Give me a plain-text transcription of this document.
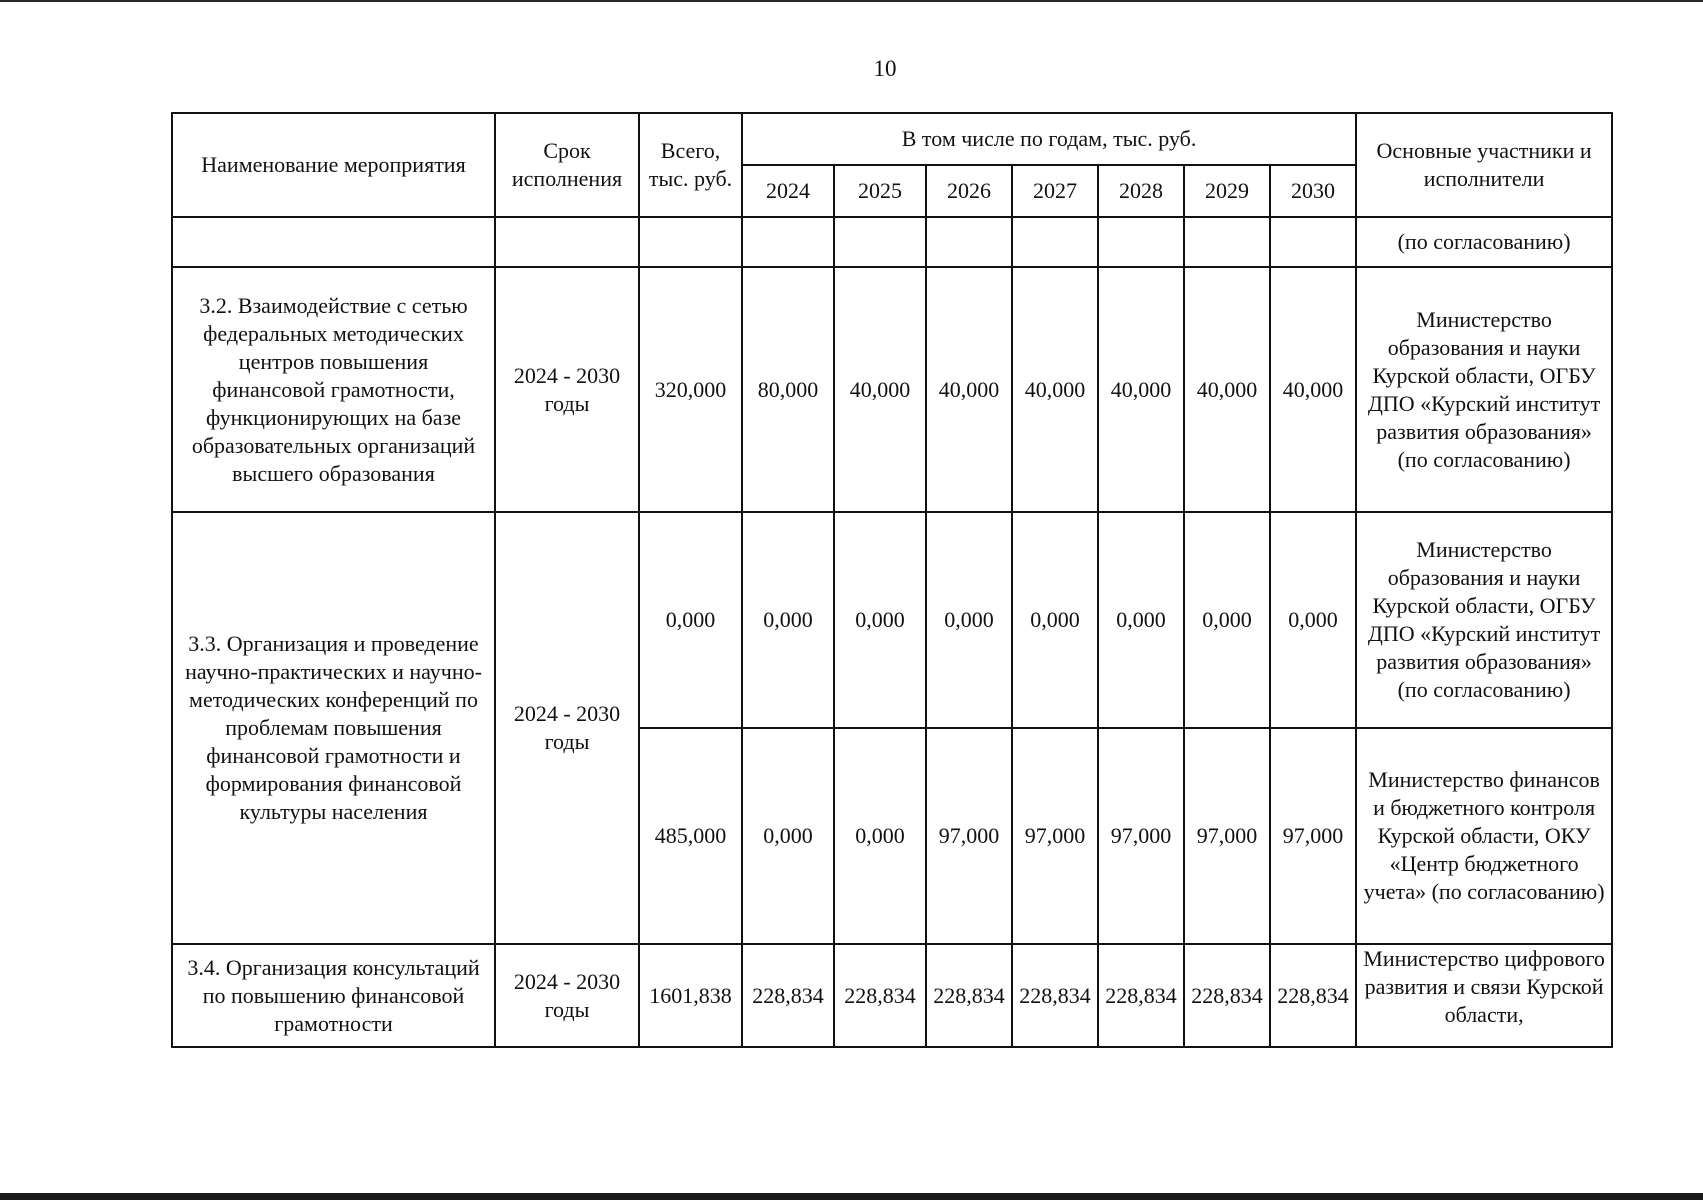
10
Наименование мероприятия	Срок исполнения	Всего, тыс. руб.	В том числе по годам, тыс. руб.							Основные участники и исполнители
			2024	2025	2026	2027	2028	2029	2030	
										(по согласованию)
3.2. Взаимодействие с сетью федеральных методических центров повышения финансовой грамотности, функционирующих на базе образовательных организаций высшего образования	2024 - 2030 годы	320,000	80,000	40,000	40,000	40,000	40,000	40,000	40,000	Министерство образования и науки Курской области, ОГБУ ДПО «Курский институт развития образования» (по согласованию)
3.3. Организация и проведение научно-практических и научно-методических конференций по проблемам повышения финансовой грамотности и формирования финансовой культуры населения	2024 - 2030 годы	0,000	0,000	0,000	0,000	0,000	0,000	0,000	0,000	Министерство образования и науки Курской области, ОГБУ ДПО «Курский институт развития образования» (по согласованию)
		485,000	0,000	0,000	97,000	97,000	97,000	97,000	97,000	Министерство финансов и бюджетного контроля Курской области, ОКУ «Центр бюджетного учета» (по согласованию)
3.4. Организация консультаций по повышению финансовой грамотности	2024 - 2030 годы	1601,838	228,834	228,834	228,834	228,834	228,834	228,834	228,834	Министерство цифрового развития и связи Курской области,
